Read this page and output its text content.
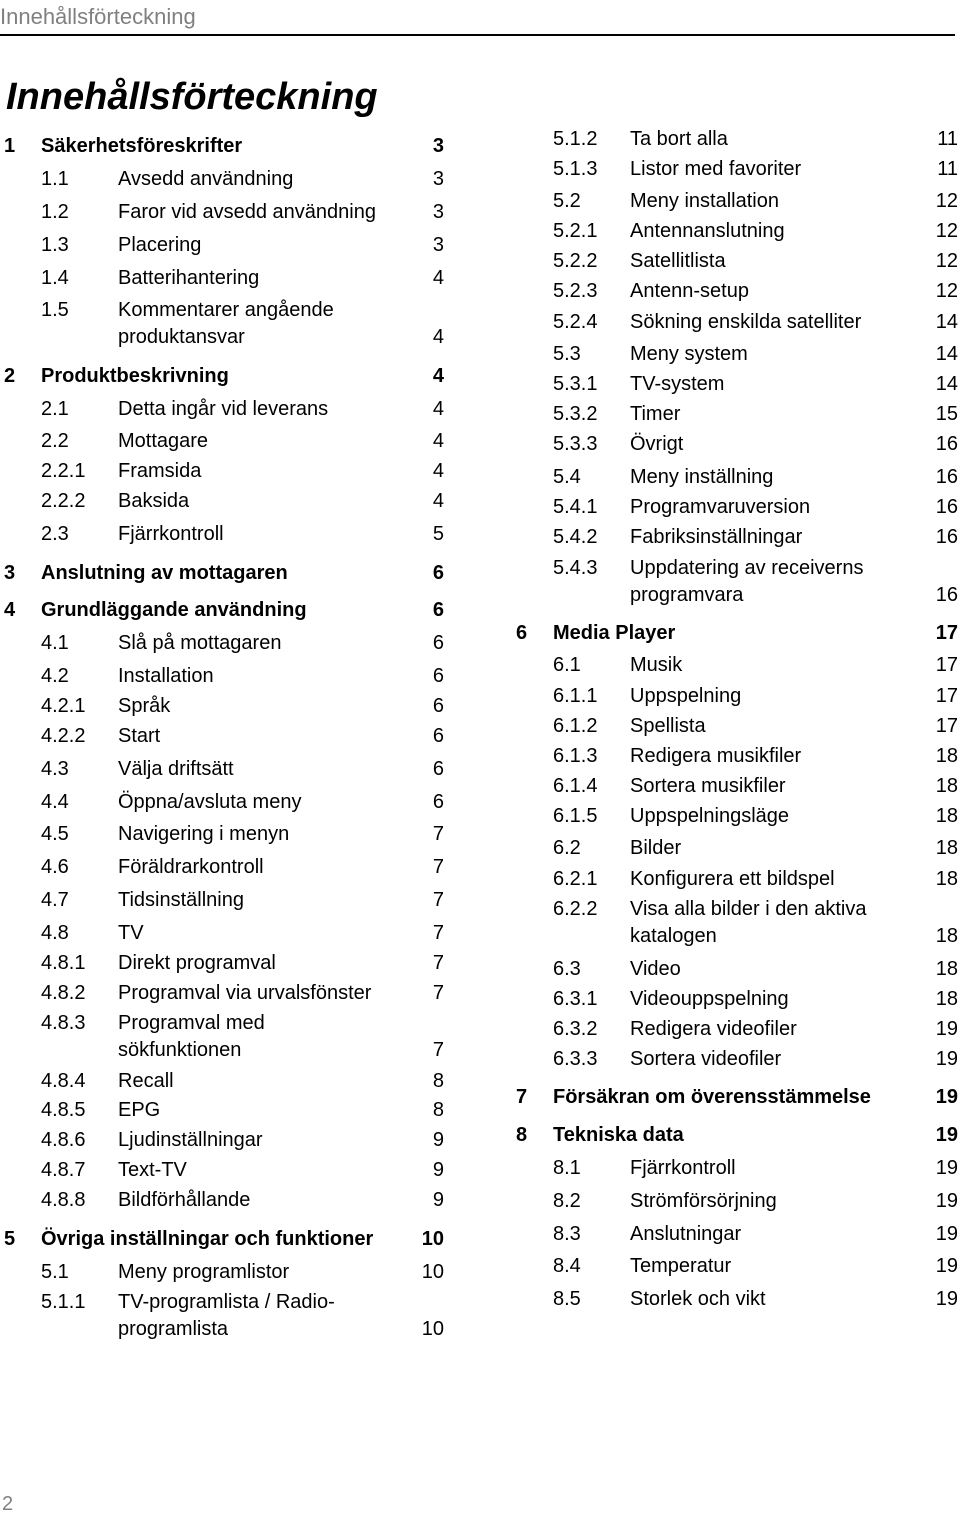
Innehållsförteckning
Innehållsförteckning
1 Säkerhetsföreskrifter	3
1.1 Avsedd användning	3
1.2 Faror vid avsedd användning	3
1.3 Placering	3
1.4 Batterihantering	4
1.5 Kommentarer angående
produktansvar	4
2 Produktbeskrivning	4
2.1 Detta ingår vid leverans	4
2.2 Mottagare	4
2.2.1 Framsida	4
2.2.2 Baksida	4
2.3 Fjärrkontroll	5
3 Anslutning av mottagaren	6
4 Grundläggande användning	6
4.1 Slå på mottagaren	6
4.2 Installation	6
4.2.1 Språk	6
4.2.2 Start	6
4.3 Välja driftsätt	6
4.4 Öppna/avsluta meny	6
4.5 Navigering i menyn	7
4.6 Föräldrarkontroll	7
4.7 Tidsinställning	7
4.8 TV	7
4.8.1 Direkt programval	7
4.8.2 Programval via urvalsfönster	7
4.8.3 Programval med
sökfunktionen	7
4.8.4 Recall	8
4.8.5 EPG	8
4.8.6 Ljudinställningar	9
4.8.7 Text-TV	9
4.8.8 Bildförhållande	9
5 Övriga inställningar och funktioner 10
5.1 Meny programlistor	10
5.1.1 TV-programlista / Radio-
programlista	10
5.1.2 Ta bort alla	11
5.1.3 Listor med favoriter	11
5.2 Meny installation	12
5.2.1 Antennanslutning	12
5.2.2 Satellitlista	12
5.2.3 Antenn-setup	12
5.2.4 Sökning enskilda satelliter	14
5.3 Meny system	14
5.3.1 TV-system	14
5.3.2 Timer	15
5.3.3 Övrigt	16
5.4 Meny inställning	16
5.4.1 Programvaruversion	16
5.4.2 Fabriksinställningar	16
5.4.3 Uppdatering av receiverns
programvara	16
6 Media Player	17
6.1 Musik	17
6.1.1 Uppspelning	17
6.1.2 Spellista	17
6.1.3 Redigera musikfiler	18
6.1.4 Sortera musikfiler	18
6.1.5 Uppspelningsläge	18
6.2 Bilder	18
6.2.1 Konfigurera ett bildspel	18
6.2.2 Visa alla bilder i den aktiva
katalogen	18
6.3 Video	18
6.3.1 Videouppspelning	18
6.3.2 Redigera videofiler	19
6.3.3 Sortera videofiler	19
7 Försäkran om överensstämmelse	19
8 Tekniska data	19
8.1 Fjärrkontroll	19
8.2 Strömförsörjning	19
8.3 Anslutningar	19
8.4 Temperatur	19
8.5 Storlek och vikt	19
2
